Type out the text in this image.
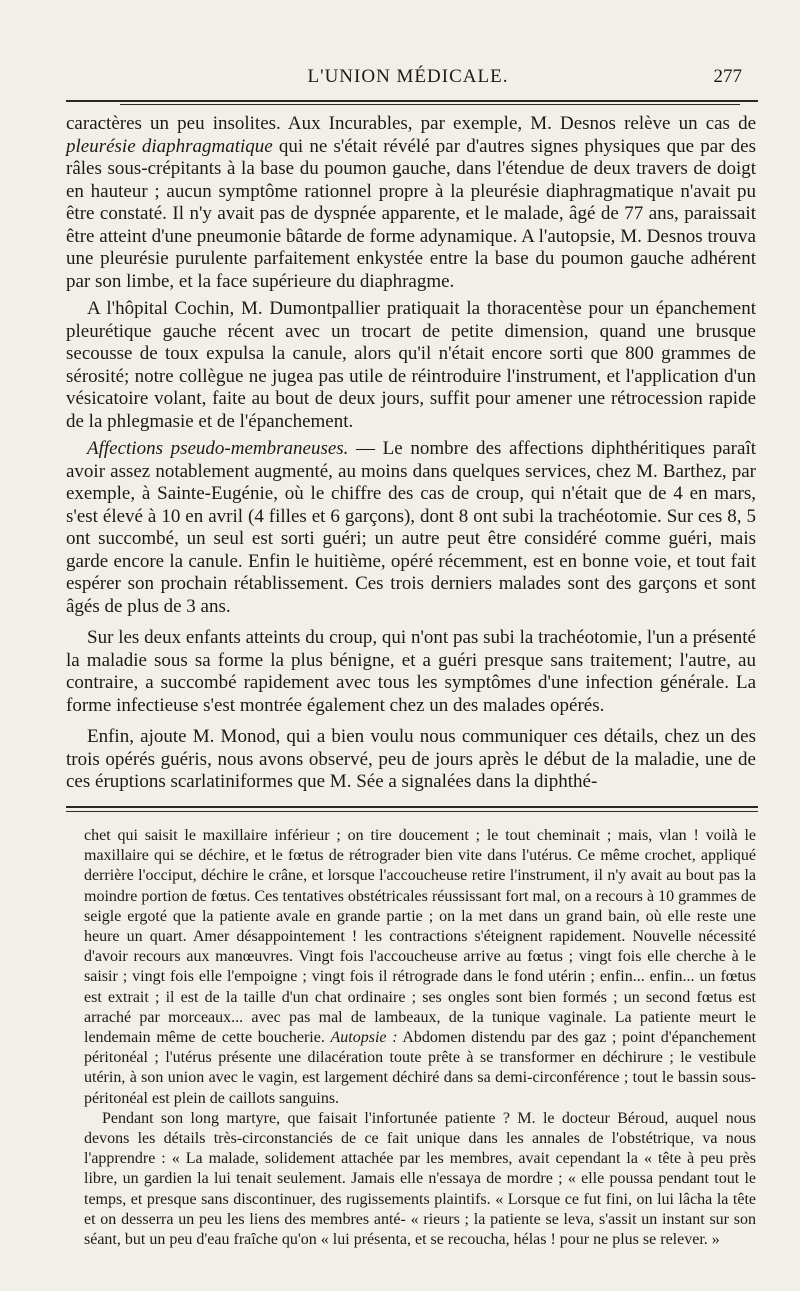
L'UNION MÉDICALE.	277

caractères un peu insolites. Aux Incurables, par exemple, M. Desnos relève un cas de pleurésie diaphragmatique qui ne s'était révélé par d'autres signes physiques que par des râles sous-crépitants à la base du poumon gauche, dans l'étendue de deux travers de doigt en hauteur ; aucun symptôme rationnel propre à la pleurésie diaphragmatique n'avait pu être constaté. Il n'y avait pas de dyspnée apparente, et le malade, âgé de 77 ans, paraissait être atteint d'une pneumonie bâtarde de forme adynamique. A l'autopsie, M. Desnos trouva une pleurésie purulente parfaitement enkystée entre la base du poumon gauche adhérent par son limbe, et la face supérieure du diaphragme.

A l'hôpital Cochin, M. Dumontpallier pratiquait la thoracentèse pour un épanchement pleurétique gauche récent avec un trocart de petite dimension, quand une brusque secousse de toux expulsa la canule, alors qu'il n'était encore sorti que 800 grammes de sérosité; notre collègue ne jugea pas utile de réintroduire l'instrument, et l'application d'un vésicatoire volant, faite au bout de deux jours, suffit pour amener une rétrocession rapide de la phlegmasie et de l'épanchement.

Affections pseudo-membraneuses. — Le nombre des affections diphthéritiques paraît avoir assez notablement augmenté, au moins dans quelques services, chez M. Barthez, par exemple, à Sainte-Eugénie, où le chiffre des cas de croup, qui n'était que de 4 en mars, s'est élevé à 10 en avril (4 filles et 6 garçons), dont 8 ont subi la trachéotomie. Sur ces 8, 5 ont succombé, un seul est sorti guéri; un autre peut être considéré comme guéri, mais garde encore la canule. Enfin le huitième, opéré récemment, est en bonne voie, et tout fait espérer son prochain rétablissement. Ces trois derniers malades sont des garçons et sont âgés de plus de 3 ans.

Sur les deux enfants atteints du croup, qui n'ont pas subi la trachéotomie, l'un a présenté la maladie sous sa forme la plus bénigne, et a guéri presque sans traitement; l'autre, au contraire, a succombé rapidement avec tous les symptômes d'une infection générale. La forme infectieuse s'est montrée également chez un des malades opérés.

Enfin, ajoute M. Monod, qui a bien voulu nous communiquer ces détails, chez un des trois opérés guéris, nous avons observé, peu de jours après le début de la maladie, une de ces éruptions scarlatiniformes que M. Sée a signalées dans la diphthé-

chet qui saisit le maxillaire inférieur ; on tire doucement ; le tout cheminait ; mais, vlan ! voilà le maxillaire qui se déchire, et le fœtus de rétrograder bien vite dans l'utérus. Ce même crochet, appliqué derrière l'occiput, déchire le crâne, et lorsque l'accoucheuse retire l'instrument, il n'y avait au bout pas la moindre portion de fœtus. Ces tentatives obstétricales réussissant fort mal, on a recours à 10 grammes de seigle ergoté que la patiente avale en grande partie ; on la met dans un grand bain, où elle reste une heure un quart. Amer désappointement ! les contractions s'éteignent rapidement. Nouvelle nécessité d'avoir recours aux manœuvres. Vingt fois l'accoucheuse arrive au fœtus ; vingt fois elle cherche à le saisir ; vingt fois elle l'empoigne ; vingt fois il rétrograde dans le fond utérin ; enfin... enfin... un fœtus est extrait ; il est de la taille d'un chat ordinaire ; ses ongles sont bien formés ; un second fœtus est arraché par morceaux... avec pas mal de lambeaux, de la tunique vaginale. La patiente meurt le lendemain même de cette boucherie. Autopsie : Abdomen distendu par des gaz ; point d'épanchement péritonéal ; l'utérus présente une dilacération toute prête à se transformer en déchirure ; le vestibule utérin, à son union avec le vagin, est largement déchiré dans sa demi-circonférence ; tout le bassin sous-péritonéal est plein de caillots sanguins.

Pendant son long martyre, que faisait l'infortunée patiente ? M. le docteur Béroud, auquel nous devons les détails très-circonstanciés de ce fait unique dans les annales de l'obstétrique, va nous l'apprendre : « La malade, solidement attachée par les membres, avait cependant la « tête à peu près libre, un gardien la lui tenait seulement. Jamais elle n'essaya de mordre ; « elle poussa pendant tout le temps, et presque sans discontinuer, des rugissements plaintifs. « Lorsque ce fut fini, on lui lâcha la tête et on desserra un peu les liens des membres anté- « rieurs ; la patiente se leva, s'assit un instant sur son séant, but un peu d'eau fraîche qu'on « lui présenta, et se recoucha, hélas ! pour ne plus se relever. »
